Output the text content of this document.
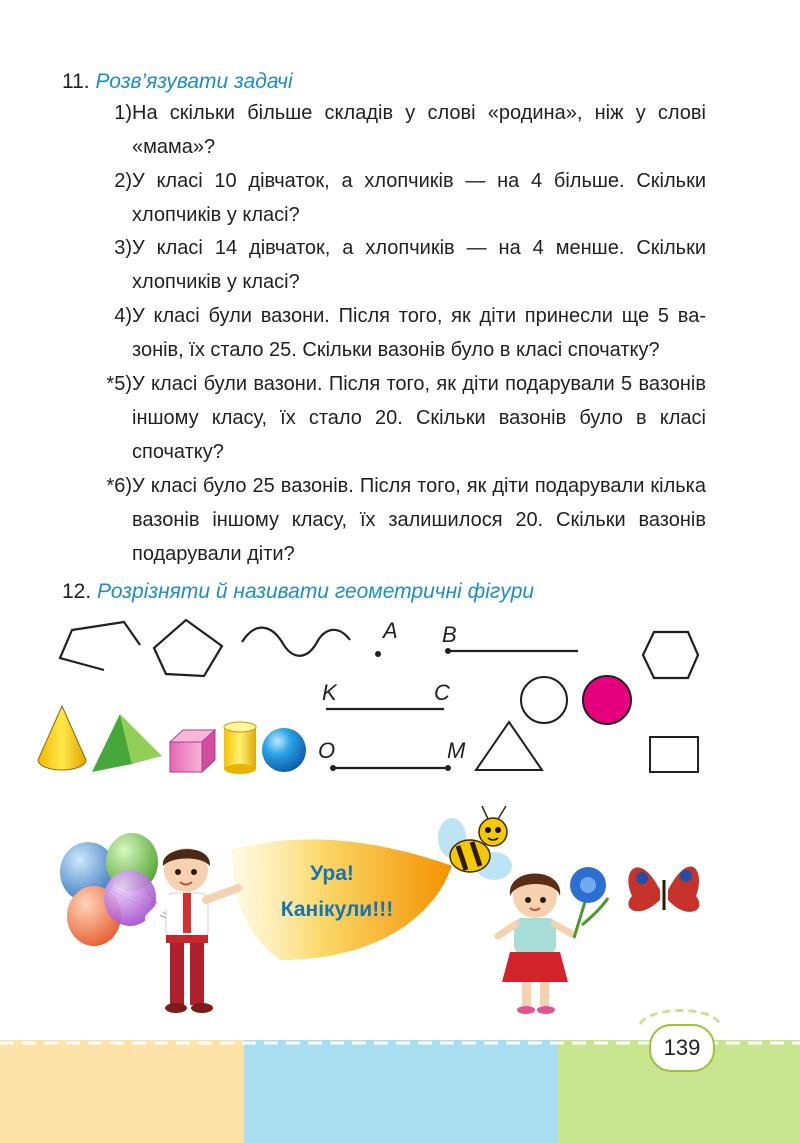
11. Розв’язувати задачі
1) На скільки більше складів у слові «родина», ніж у слові «мама»?
2) У класі 10 дівчаток, а хлопчиків — на 4 більше. Скільки хлопчиків у класі?
3) У класі 14 дівчаток, а хлопчиків — на 4 менше. Скільки хлопчиків у класі?
4) У класі були вазони. Після того, як діти принесли ще 5 ва-зонів, їх стало 25. Скільки вазонів було в класі спочатку?
*5) У класі були вазони. Після того, як діти подарували 5 вазонів іншому класу, їх стало 20. Скільки вазонів було в класі спочатку?
*6) У класі було 25 вазонів. Після того, як діти подарували кілька вазонів іншому класу, їх залишилося 20. Скільки вазонів подарували діти?
12. Розрізняти й називати геометричні фігури
A B
K	C
O	M
Ура!
Канікули!!!
139
